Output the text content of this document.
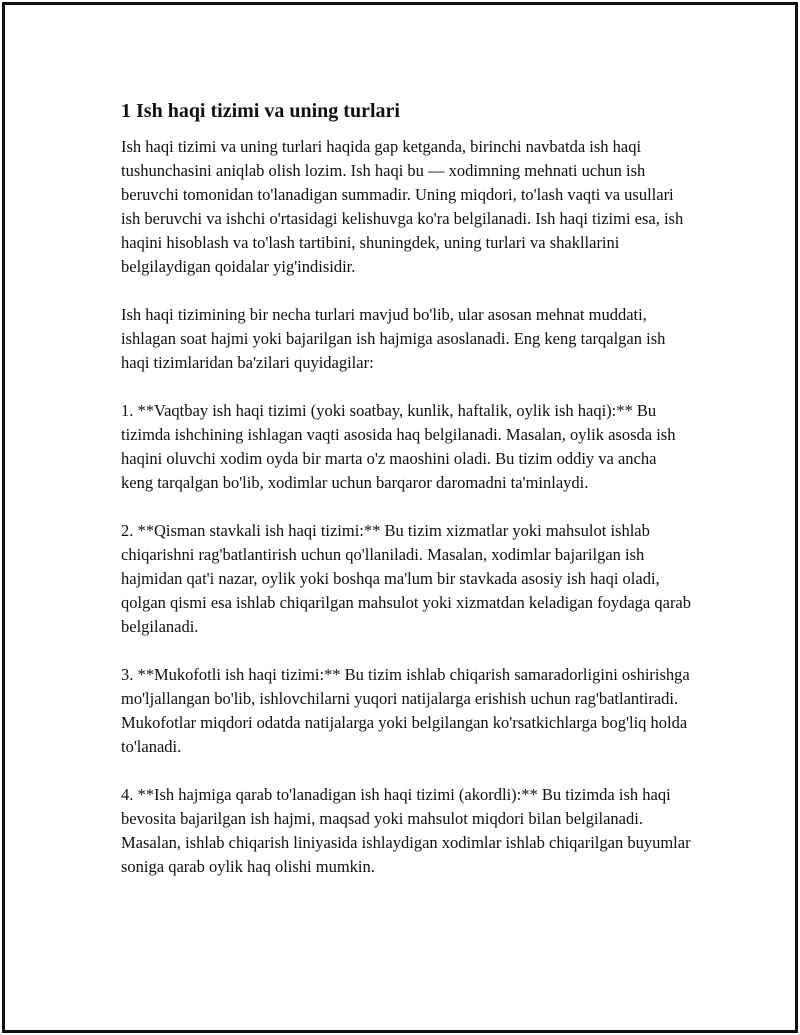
1 Ish haqi tizimi va uning turlari

Ish haqi tizimi va uning turlari haqida gap ketganda, birinchi navbatda ish haqi tushunchasini aniqlab olish lozim. Ish haqi bu — xodimning mehnati uchun ish beruvchi tomonidan to'lanadigan summadir. Uning miqdori, to'lash vaqti va usullari ish beruvchi va ishchi o'rtasidagi kelishuvga ko'ra belgilanadi. Ish haqi tizimi esa, ish haqini hisoblash va to'lash tartibini, shuningdek, uning turlari va shakllarini belgilaydigan qoidalar yig'indisidir.

Ish haqi tizimining bir necha turlari mavjud bo'lib, ular asosan mehnat muddati, ishlagan soat hajmi yoki bajarilgan ish hajmiga asoslanadi. Eng keng tarqalgan ish haqi tizimlaridan ba'zilari quyidagilar:

1. **Vaqtbay ish haqi tizimi (yoki soatbay, kunlik, haftalik, oylik ish haqi):** Bu tizimda ishchining ishlagan vaqti asosida haq belgilanadi. Masalan, oylik asosda ish haqini oluvchi xodim oyda bir marta o'z maoshini oladi. Bu tizim oddiy va ancha keng tarqalgan bo'lib, xodimlar uchun barqaror daromadni ta'minlaydi.

2. **Qisman stavkali ish haqi tizimi:** Bu tizim xizmatlar yoki mahsulot ishlab chiqarishni rag'batlantirish uchun qo'llaniladi. Masalan, xodimlar bajarilgan ish hajmidan qat'i nazar, oylik yoki boshqa ma'lum bir stavkada asosiy ish haqi oladi, qolgan qismi esa ishlab chiqarilgan mahsulot yoki xizmatdan keladigan foydaga qarab belgilanadi.

3. **Mukofotli ish haqi tizimi:** Bu tizim ishlab chiqarish samaradorligini oshirishga mo'ljallangan bo'lib, ishlovchilarni yuqori natijalarga erishish uchun rag'batlantiradi. Mukofotlar miqdori odatda natijalarga yoki belgilangan ko'rsatkichlarga bog'liq holda to'lanadi.

4. **Ish hajmiga qarab to'lanadigan ish haqi tizimi (akordli):** Bu tizimda ish haqi bevosita bajarilgan ish hajmi, maqsad yoki mahsulot miqdori bilan belgilanadi. Masalan, ishlab chiqarish liniyasida ishlaydigan xodimlar ishlab chiqarilgan buyumlar soniga qarab oylik haq olishi mumkin.
